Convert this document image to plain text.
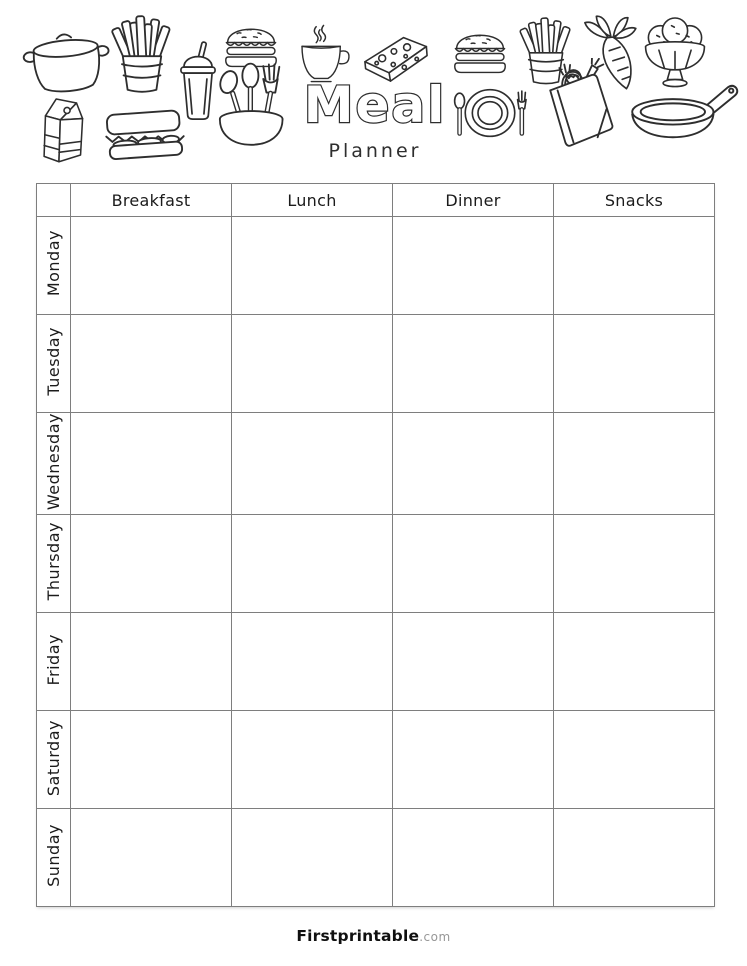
Meal
Planner
	Breakfast	Lunch	Dinner	Snacks
Monday				
Tuesday				
Wednesday				
Thursday				
Friday				
Saturday				
Sunday				
Firstprintable.com
